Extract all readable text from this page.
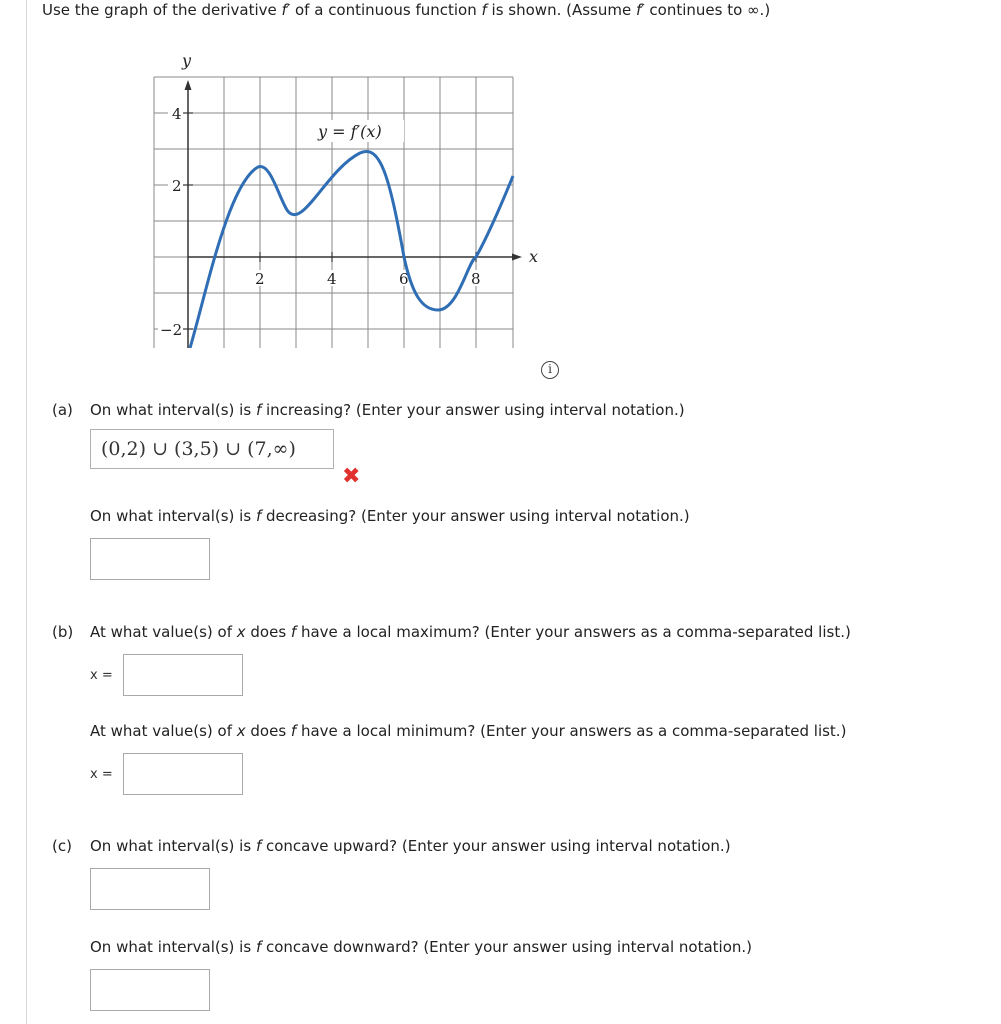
Use the graph of the derivative f′ of a continuous function f is shown. (Assume f′ continues to ∞.)
4
2
−2
2	4	6	8
y
x
y = f′(x)
i
(a) On what interval(s) is f increasing? (Enter your answer using interval notation.)
(0,2) ∪ (3,5) ∪ (7,∞)
✖
On what interval(s) is f decreasing? (Enter your answer using interval notation.)
(b) At what value(s) of x does f have a local maximum? (Enter your answers as a comma-separated list.)
x =
At what value(s) of x does f have a local minimum? (Enter your answers as a comma-separated list.)
x =
(c) On what interval(s) is f concave upward? (Enter your answer using interval notation.)
On what interval(s) is f concave downward? (Enter your answer using interval notation.)
